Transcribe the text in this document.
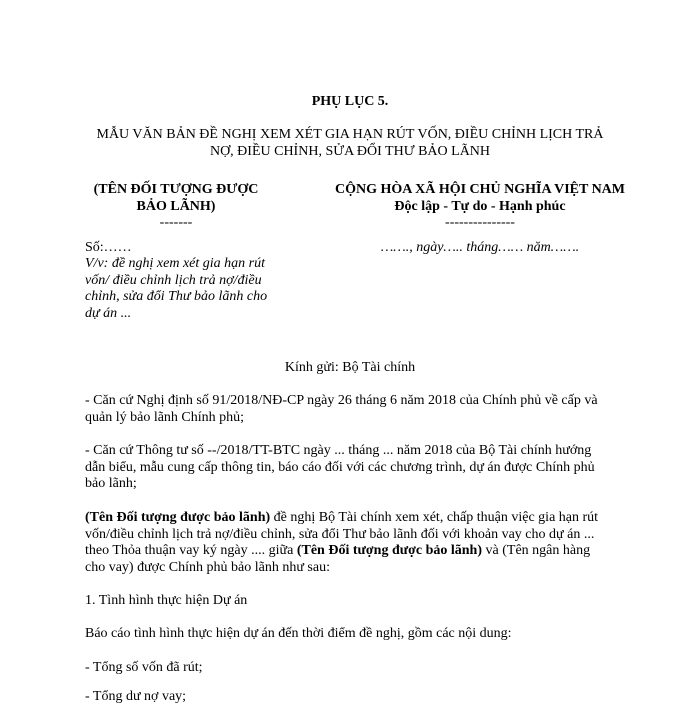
PHỤ LỤC 5.
MẪU VĂN BẢN ĐỀ NGHỊ XEM XÉT GIA HẠN RÚT VỐN, ĐIỀU CHỈNH LỊCH TRẢ
NỢ, ĐIỀU CHỈNH, SỬA ĐỔI THƯ BẢO LÃNH
(TÊN ĐỐI TƯỢNG ĐƯỢC
BẢO LÃNH)
-------
Số:……
V/v: đề nghị xem xét gia hạn rút
vốn/ điều chỉnh lịch trả nợ/điều
chỉnh, sửa đổi Thư bảo lãnh cho
dự án ...
CỘNG HÒA XÃ HỘI CHỦ NGHĨA VIỆT NAM
Độc lập - Tự do - Hạnh phúc
---------------
……., ngày….. tháng…… năm…….
Kính gửi: Bộ Tài chính
- Căn cứ Nghị định số 91/2018/NĐ-CP ngày 26 tháng 6 năm 2018 của Chính phủ về cấp và
quản lý bảo lãnh Chính phủ;
- Căn cứ Thông tư số --/2018/TT-BTC ngày ... tháng ... năm 2018 của Bộ Tài chính hướng
dẫn biểu, mẫu cung cấp thông tin, báo cáo đối với các chương trình, dự án được Chính phủ
bảo lãnh;
(Tên Đối tượng được bảo lãnh) đề nghị Bộ Tài chính xem xét, chấp thuận việc gia hạn rút
vốn/điều chỉnh lịch trả nợ/điều chỉnh, sửa đổi Thư bảo lãnh đối với khoản vay cho dự án ...
theo Thỏa thuận vay ký ngày .... giữa (Tên Đối tượng được bảo lãnh) và (Tên ngân hàng
cho vay) được Chính phủ bảo lãnh như sau:
1. Tình hình thực hiện Dự án
Báo cáo tình hình thực hiện dự án đến thời điểm đề nghị, gồm các nội dung:
- Tổng số vốn đã rút;
- Tổng dư nợ vay;
